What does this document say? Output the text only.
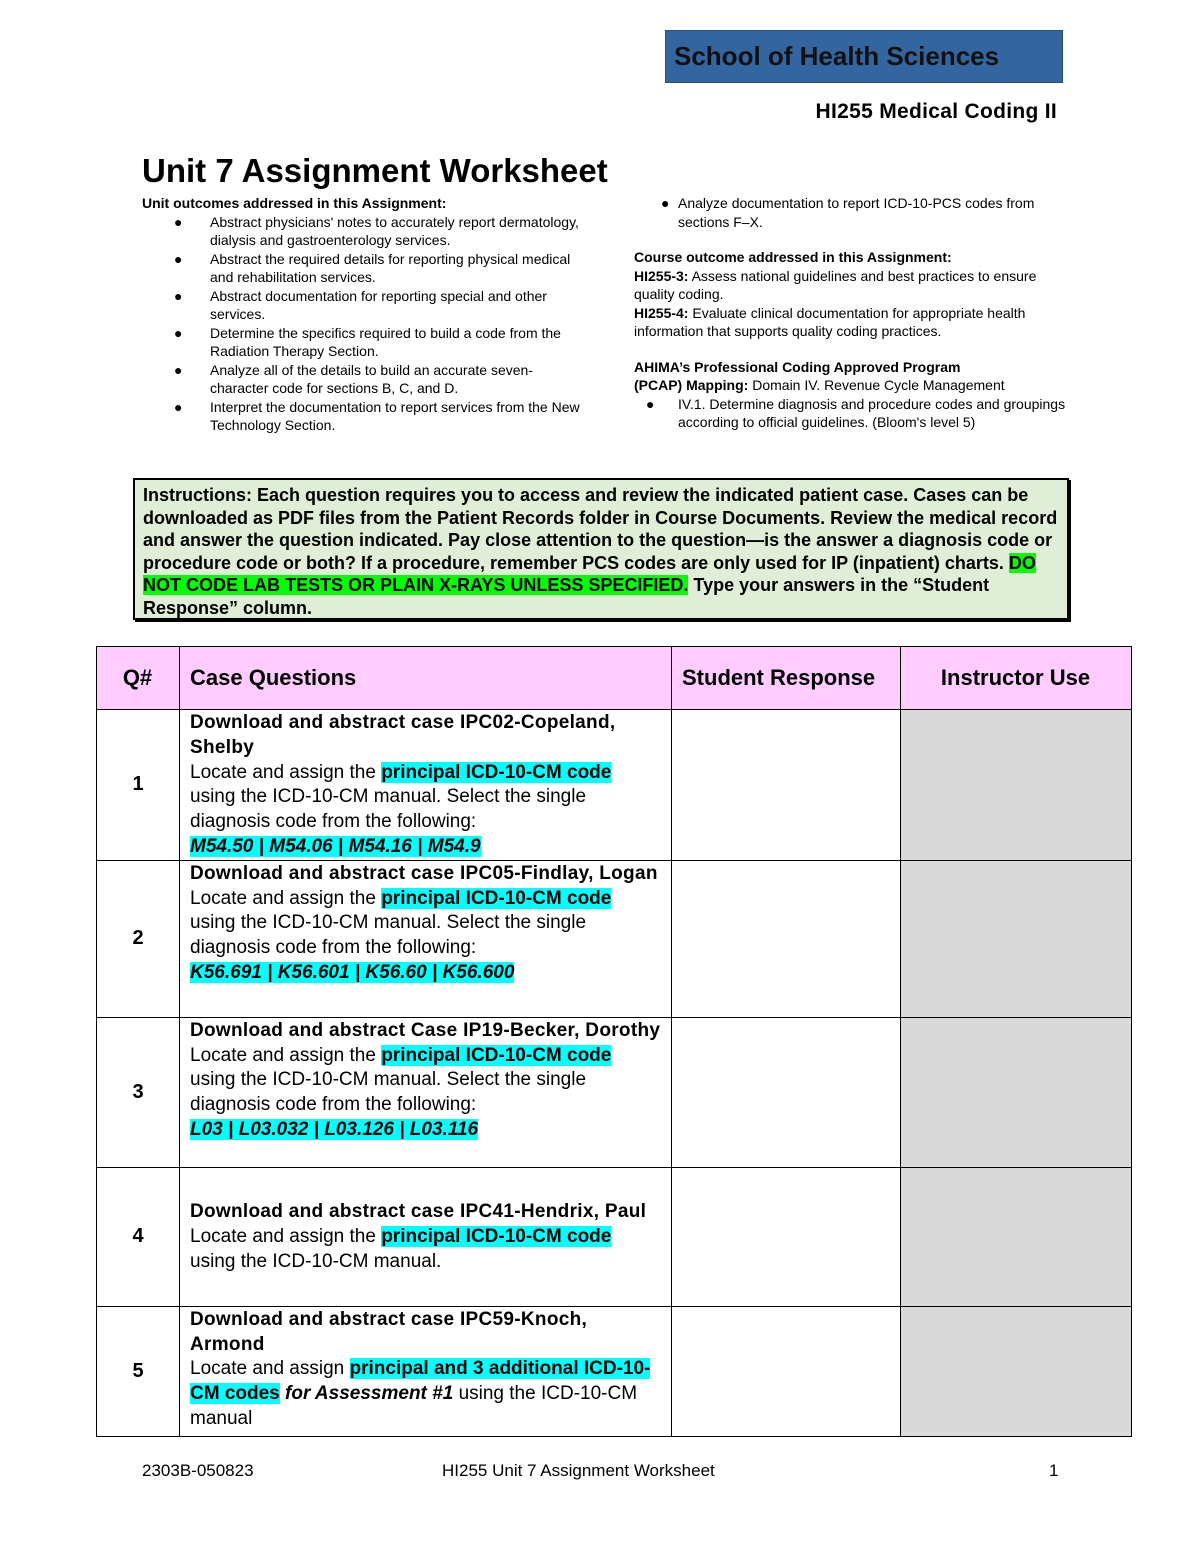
School of Health Sciences
HI255 Medical Coding II
Unit 7 Assignment Worksheet
Unit outcomes addressed in this Assignment:
● Abstract physicians' notes to accurately report dermatology, dialysis and gastroenterology services.
● Abstract the required details for reporting physical medical and rehabilitation services.
● Abstract documentation for reporting special and other services.
● Determine the specifics required to build a code from the Radiation Therapy Section.
● Analyze all of the details to build an accurate seven-character code for sections B, C, and D.
● Interpret the documentation to report services from the New Technology Section.
● Analyze documentation to report ICD-10-PCS codes from sections F–X.
Course outcome addressed in this Assignment:
HI255-3: Assess national guidelines and best practices to ensure quality coding.
HI255-4: Evaluate clinical documentation for appropriate health information that supports quality coding practices.
AHIMA’s Professional Coding Approved Program
(PCAP) Mapping: Domain IV. Revenue Cycle Management
● IV.1. Determine diagnosis and procedure codes and groupings according to official guidelines. (Bloom's level 5)
Instructions: Each question requires you to access and review the indicated patient case. Cases can be downloaded as PDF files from the Patient Records folder in Course Documents. Review the medical record and answer the question indicated. Pay close attention to the question—is the answer a diagnosis code or procedure code or both? If a procedure, remember PCS codes are only used for IP (inpatient) charts. DO NOT CODE LAB TESTS OR PLAIN X-RAYS UNLESS SPECIFIED. Type your answers in the “Student Response” column.
Q#	Case Questions	Student Response	Instructor Use
1	Download and abstract case IPC02-Copeland, Shelby
Locate and assign the principal ICD-10-CM code using the ICD-10-CM manual. Select the single diagnosis code from the following:
M54.50 | M54.06 | M54.16 | M54.9		
2	Download and abstract case IPC05-Findlay, Logan
Locate and assign the principal ICD-10-CM code using the ICD-10-CM manual. Select the single diagnosis code from the following:
K56.691 | K56.601 | K56.60 | K56.600		
3	Download and abstract Case IP19-Becker, Dorothy
Locate and assign the principal ICD-10-CM code using the ICD-10-CM manual. Select the single diagnosis code from the following:
L03 | L03.032 | L03.126 | L03.116		
4	Download and abstract case IPC41-Hendrix, Paul
Locate and assign the principal ICD-10-CM code using the ICD-10-CM manual.		
5	Download and abstract case IPC59-Knoch, Armond
Locate and assign principal and 3 additional ICD-10-CM codes for Assessment #1 using the ICD-10-CM manual		
2303B-050823	HI255 Unit 7 Assignment Worksheet	1
